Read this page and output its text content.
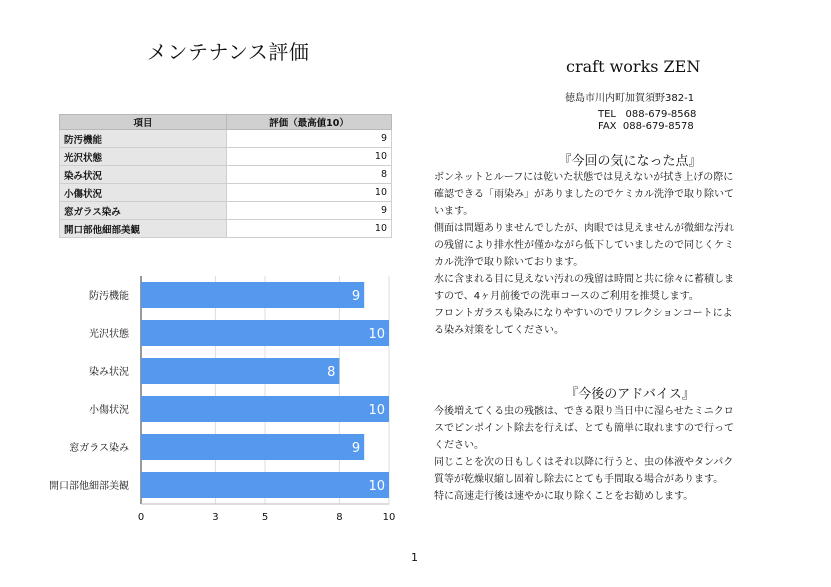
メンテナンス評価
craft works ZEN
徳島市川内町加賀須野382-1
TEL   088-679-8568
FAX  088-679-8578
項目	評価（最高値10）
防汚機能	9
光沢状態	10
染み状況	8
小傷状況	10
窓ガラス染み	9
開口部他細部美観	10
9
防汚機能
10
光沢状態
8
染み状況
10
小傷状況
9
窓ガラス染み
10
開口部他細部美観
0	3	5	8	10
『今回の気になった点』

ボンネットとルーフには乾いた状態では見えないが拭き上げの際に確認できる「雨染み」がありましたのでケミカル洗浄で取り除いています。

側面は問題ありませんでしたが、肉眼では見えませんが微細な汚れの残留により排水性が僅かながら低下していましたので同じくケミカル洗浄で取り除いております。

水に含まれる目に見えない汚れの残留は時間と共に徐々に蓄積しますので、4ヶ月前後での洗車コースのご利用を推奨します。

フロントガラスも染みになりやすいのでリフレクションコートによる染み対策をしてください。

『今後のアドバイス』

今後増えてくる虫の残骸は、できる限り当日中に湿らせたミニクロスでピンポイント除去を行えば、とても簡単に取れますので行ってください。

同じことを次の日もしくはそれ以降に行うと、虫の体液やタンパク質等が乾燥収縮し固着し除去にとても手間取る場合があります。

特に高速走行後は速やかに取り除くことをお勧めします。

1
